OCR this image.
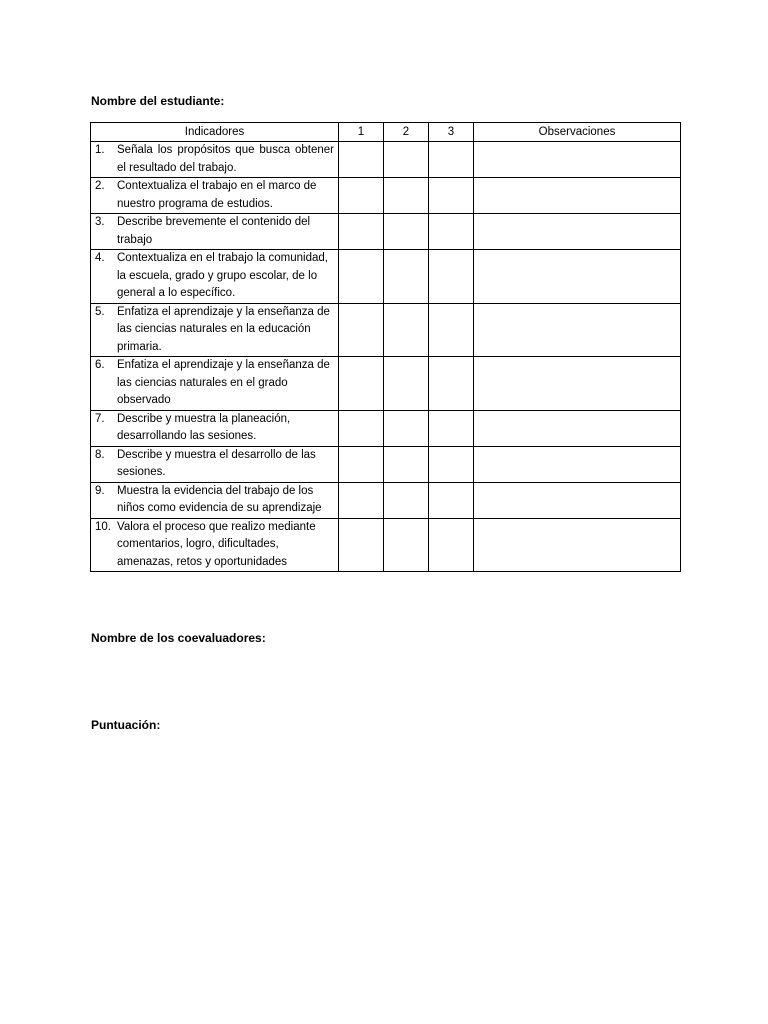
Nombre del estudiante:
Indicadores	1	2	3	Observaciones

1. Señala los propósitos que busca obtener el resultado del trabajo.				

2. Contextualiza el trabajo en el marco de nuestro programa de estudios.				

3. Describe brevemente el contenido del trabajo				

4. Contextualiza en el trabajo la comunidad, la escuela, grado y grupo escolar, de lo general a lo específico.				

5. Enfatiza el aprendizaje y la enseñanza de las ciencias naturales en la educación primaria.				

6. Enfatiza el aprendizaje y la enseñanza de las ciencias naturales en el grado observado				

7. Describe y muestra la planeación, desarrollando las sesiones.				

8. Describe y muestra el desarrollo de las sesiones.				

9. Muestra la evidencia del trabajo de los niños como evidencia de su aprendizaje				

10. Valora el proceso que realizo mediante comentarios, logro, dificultades, amenazas, retos y oportunidades				

Nombre de los coevaluadores:
Puntuación:
